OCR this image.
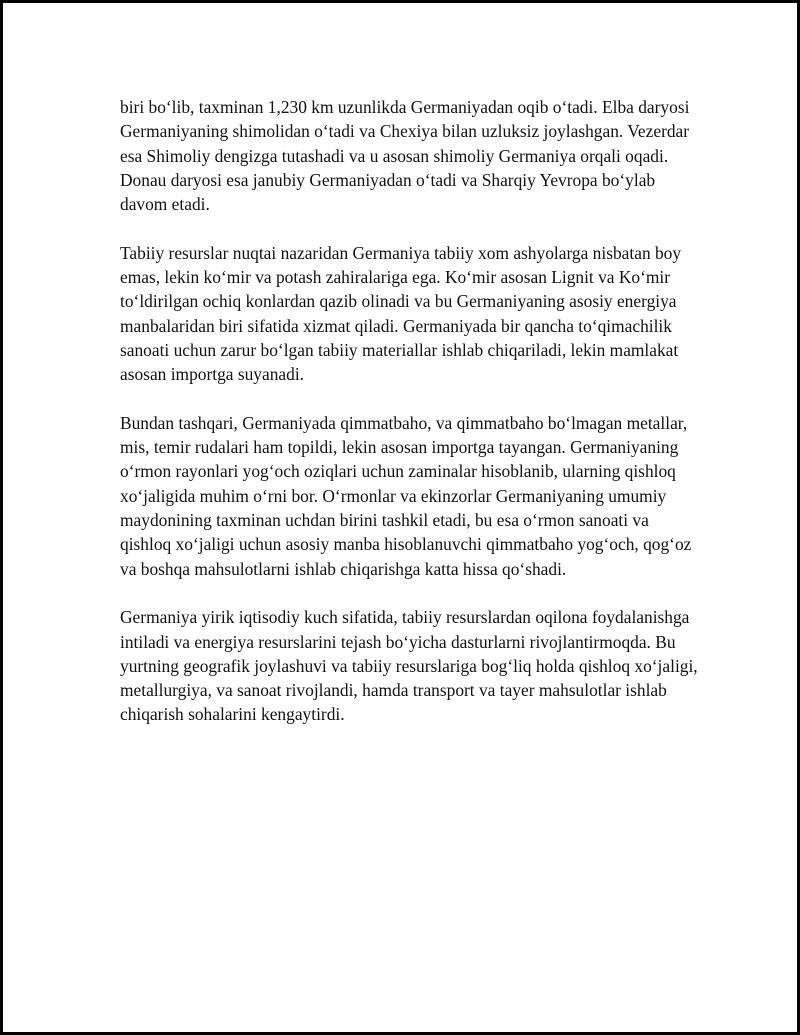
biri bo‘lib, taxminan 1,230 km uzunlikda Germaniyadan oqib o‘tadi. Elba daryosi Germaniyaning shimolidan o‘tadi va Chexiya bilan uzluksiz joylashgan. Vezerdar esa Shimoliy dengizga tutashadi va u asosan shimoliy Germaniya orqali oqadi. Donau daryosi esa janubiy Germaniyadan o‘tadi va Sharqiy Yevropa bo‘ylab davom etadi.

Tabiiy resurslar nuqtai nazaridan Germaniya tabiiy xom ashyolarga nisbatan boy emas, lekin ko‘mir va potash zahiralariga ega. Ko‘mir asosan Lignit va Ko‘mir to‘ldirilgan ochiq konlardan qazib olinadi va bu Germaniyaning asosiy energiya manbalaridan biri sifatida xizmat qiladi. Germaniyada bir qancha to‘qimachilik sanoati uchun zarur bo‘lgan tabiiy materiallar ishlab chiqariladi, lekin mamlakat asosan importga suyanadi.

Bundan tashqari, Germaniyada qimmatbaho, va qimmatbaho bo‘lmagan metallar, mis, temir rudalari ham topildi, lekin asosan importga tayangan. Germaniyaning o‘rmon rayonlari yog‘och oziqlari uchun zaminalar hisoblanib, ularning qishloq xo‘jaligida muhim o‘rni bor. O‘rmonlar va ekinzorlar Germaniyaning umumiy maydonining taxminan uchdan birini tashkil etadi, bu esa o‘rmon sanoati va qishloq xo‘jaligi uchun asosiy manba hisoblanuvchi qimmatbaho yog‘och, qog‘oz va boshqa mahsulotlarni ishlab chiqarishga katta hissa qo‘shadi.

Germaniya yirik iqtisodiy kuch sifatida, tabiiy resurslardan oqilona foydalanishga intiladi va energiya resurslarini tejash bo‘yicha dasturlarni rivojlantirmoqda. Bu yurtning geografik joylashuvi va tabiiy resurslariga bog‘liq holda qishloq xo‘jaligi, metallurgiya, va sanoat rivojlandi, hamda transport va tayer mahsulotlar ishlab chiqarish sohalarini kengaytirdi.
